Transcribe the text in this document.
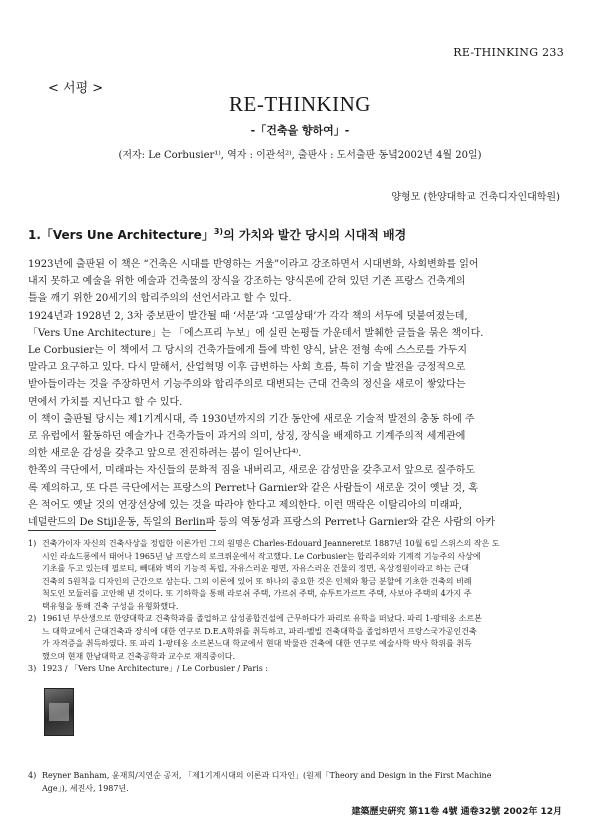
RE-THINKING 233
< 서평 >
RE-THINKING
-「건축을 향하여」-
(저자: Le Corbusier¹⁾, 역자 : 이관석²⁾, 출판사 : 도서출판 동녘2002년 4월 20일)
양형모 (한양대학교 건축디자인대학원)
1.「Vers Une Architecture」$^{3)}$의 가치와 발간 당시의 시대적 배경
1923년에 출판된 이 책은 “건축은 시대를 반영하는 거울”이라고 강조하면서 시대변화, 사회변화를 읽어
내지 못하고 예술을 위한 예술과 건축물의 장식을 강조하는 양식론에 갇혀 있던 기존 프랑스 건축계의
틀을 깨기 위한 20세기의 합리주의의 선언서라고 할 수 있다.
1924년과 1928년 2, 3차 중보판이 발간될 때 ‘서문’과 ‘고열상태’가 각각 책의 서두에 덧붙여졌는데,
「Vers Une Architecture」는 「에스프리 누보」에 실린 논평들 가운데서 발췌한 글들을 묶은 책이다.
Le Corbusier는 이 책에서 그 당시의 건축가들에게 틀에 박힌 양식, 낡은 전형 속에 스스로를 가두지
말라고 요구하고 있다. 다시 말해서, 산업혁명 이후 급변하는 사회 흐름, 특히 기술 발전을 긍정적으로
받아들이라는 것을 주장하면서 기능주의와 합리주의로 대변되는 근대 건축의 정신을 새로이 쌓았다는
면에서 가치를 지닌다고 할 수 있다.
이 책이 출판될 당시는 제1기계시대, 즉 1930년까지의 기간 동안에 새로운 기술적 발전의 충동 하에 주
로 유럽에서 활동하던 예술가나 건축가들이 과거의 의미, 상징, 장식을 배제하고 기계주의적 세계관에
의한 새로운 감성을 갖추고 앞으로 전진하려는 붐이 일어난다⁴⁾.
한쪽의 극단에서, 미래파는 자신들의 문화적 짐을 내버리고, 새로운 감성만을 갖추고서 앞으로 질주하도
록 제의하고, 또 다른 극단에서는 프랑스의 Perret나 Garnier와 같은 사람들이 새로운 것이 옛날 것, 혹
은 적어도 옛날 것의 연장선상에 있는 것을 따라야 한다고 제의한다. 이런 맥락은 이탈리아의 미래파,
네덜란드의 De Stijl운동, 독일의 Berlin파 등의 역동성과 프랑스의 Perret나 Garnier와 같은 사람의 아카
1) 건축가이자 자신의 건축사상을 정립한 이론가인 그의 원명은 Charles-Edouard Jeanneret로 1887년 10월 6일 스위스의 작은 도
시인 라쇼드퐁에서 태어나 1965년 남 프랑스의 로크뤼운에서 작고했다. Le Corbusier는 합리주의와 기계적 기능주의 사상에
기초를 두고 있는데 필로티, 빼대와 벽의 기능적 독립, 자유스러운 평면, 자유스러운 건물의 정면, 옥상정원이라고 하는 근대
건축의 5원칙을 디자인의 근간으로 삼는다. 그의 이론에 있어 또 하나의 중요한 것은 인체와 황금 분할에 기초한 건축의 비례
척도인 모듈러를 고안해 낸 것이다. 또 기하학을 통해 라로쉬 주택, 가르쉬 주택, 슈투트가르트 주택, 사보아 주택의 4가지 주
택유형을 통해 건축 구성을 유형화했다.
2) 1961년 부산생으로 한양대학교 건축학과를 졸업하고 삼성종합건설에 근무하다가 파리로 유학을 떠났다. 파리 1-팡테옹 소르본
느 대학교에서 근대건축과 장식에 대한 연구로 D.E.A학위를 취득하고, 파리-벨빌 건축대학을 졸업하면서 프랑스국가공인건축
가 자격증을 취득하였다. 또 파리 1-팡테옹 소르본느대 학교에서 현대 박물관 건축에 대한 연구로 예술사학 박사 학위를 취득
했으며 현재 한남대학교 건축공학과 교수로 재직중이다.
3) 1923 / 「Vers Une Architecture」/ Le Corbusier / Paris :
4) Reyner Banham, 윤재희/지연순 공저, 「제1기계시대의 이론과 디자인」(원제「Theory and Design in the First Machine
Age」), 세진사, 1987년.
建築歷史硏究 第11卷 4號 通卷32號 2002年 12月
